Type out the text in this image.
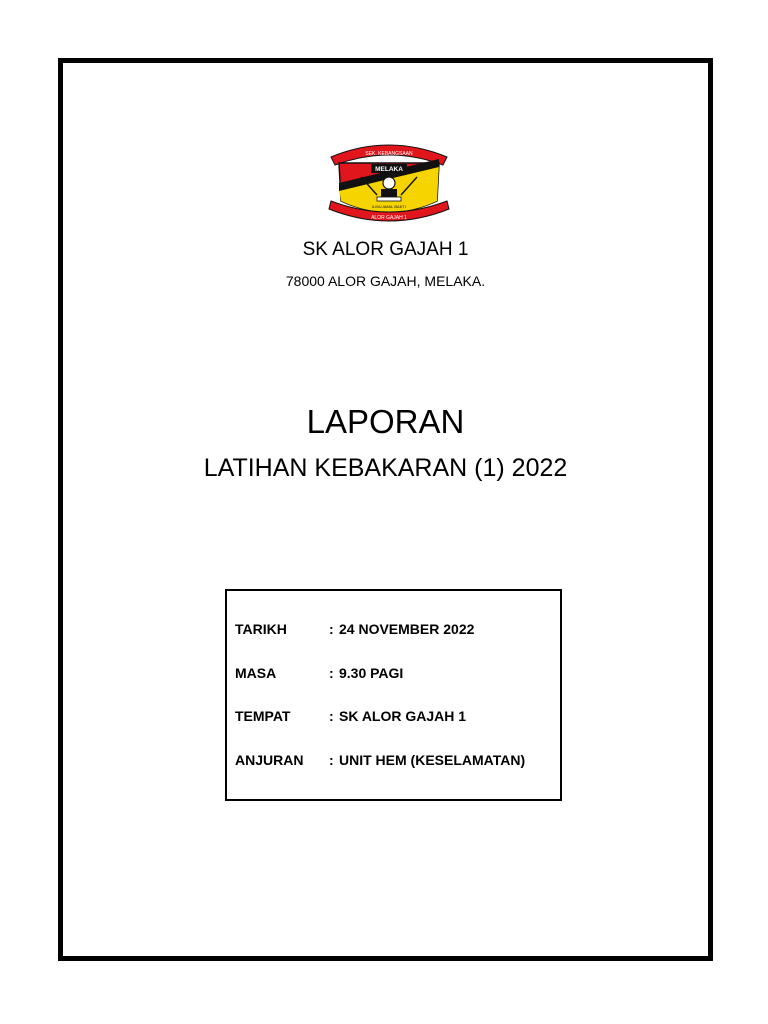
SEK. KEBANGSAAN
MELAKA
ALOR GAJAH 1
ILMU AMAL BAKTI
SK ALOR GAJAH 1
78000 ALOR GAJAH, MELAKA.
LAPORAN
LATIHAN KEBAKARAN (1) 2022
TARIKH	: 24 NOVEMBER 2022
MASA	: 9.30 PAGI
TEMPAT	: SK ALOR GAJAH 1
ANJURAN : UNIT HEM (KESELAMATAN)
